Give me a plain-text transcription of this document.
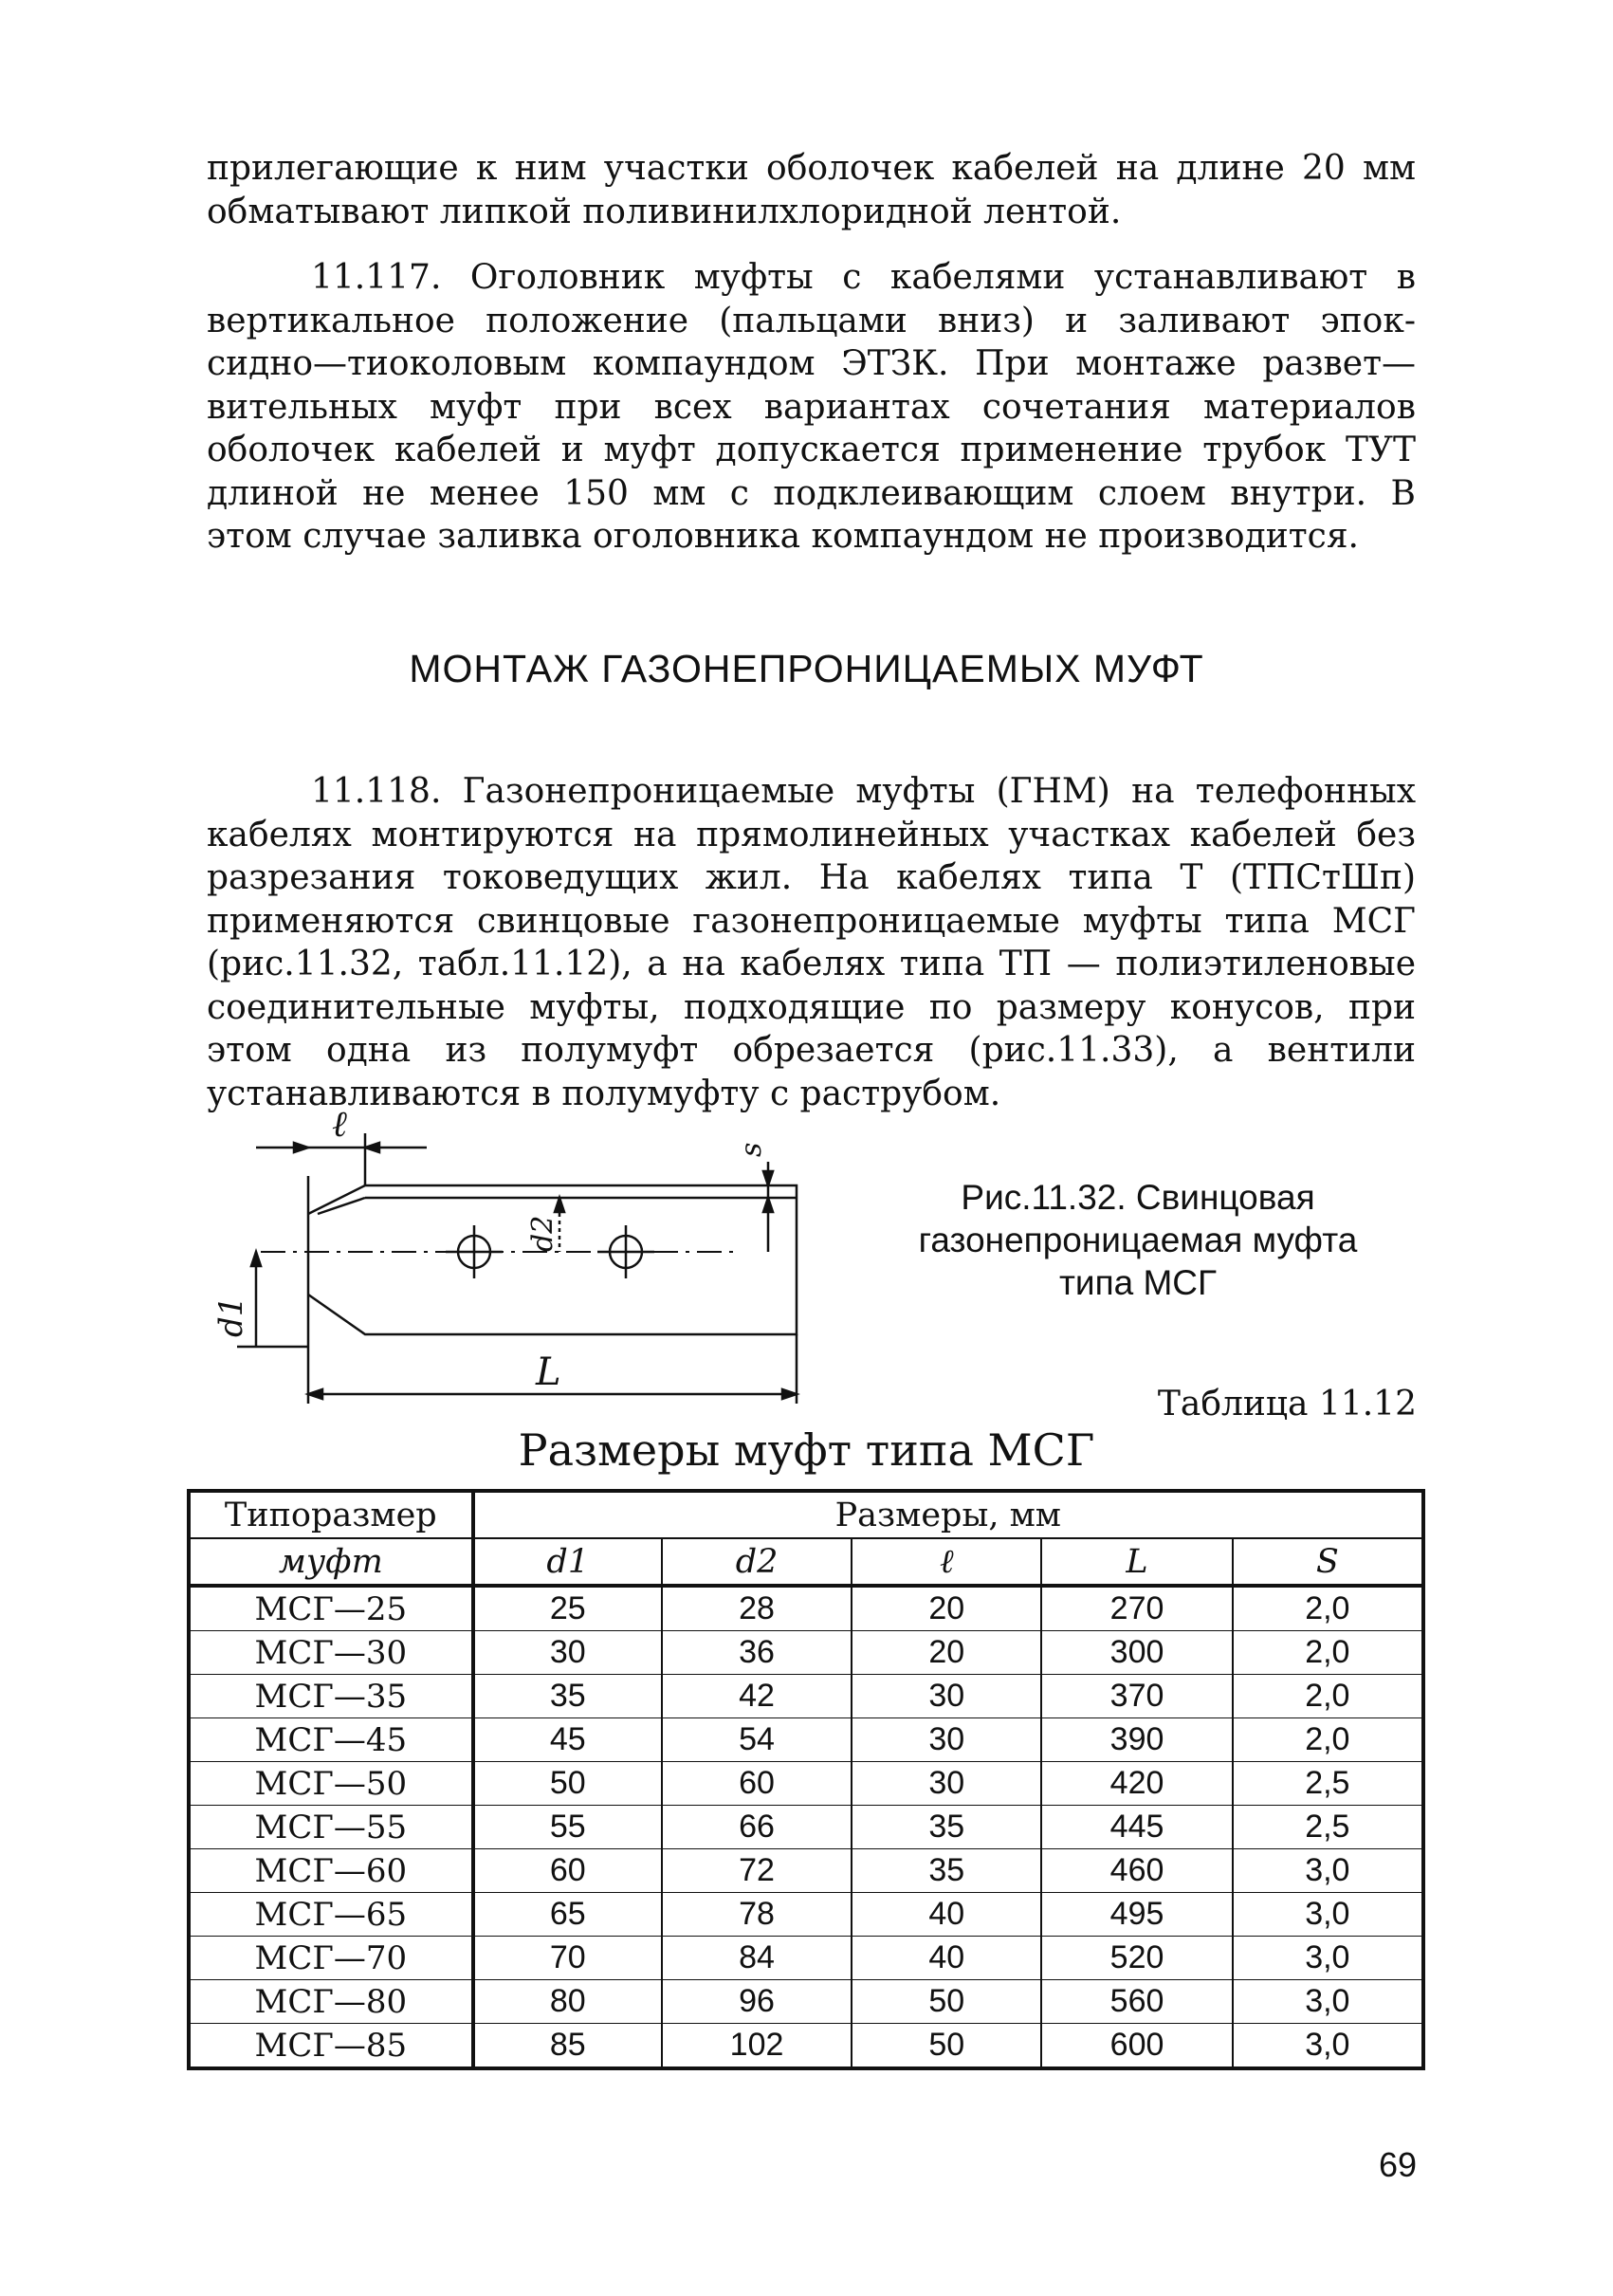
прилегающие к ним участки оболочек кабелей на длине 20 мм
обматывают липкой поливинилхлоридной лентой.
11.117. Оголовник муфты с кабелями устанавливают в
вертикальное положение (пальцами вниз) и заливают эпок-
сидно—тиоколовым компаундом ЭТЗК. При монтаже развет—
вительных муфт при всех вариантах сочетания материалов
оболочек кабелей и муфт допускается применение трубок ТУТ
длиной не менее 150 мм с подклеивающим слоем внутри. В
этом случае заливка оголовника компаундом не производится.
МОНТАЖ ГАЗОНЕПРОНИЦАЕМЫХ МУФТ
11.118. Газонепроницаемые муфты (ГНМ) на телефонных
кабелях монтируются на прямолинейных участках кабелей без
разрезания токоведущих жил. На кабелях типа Т (ТПСтШп)
применяются свинцовые газонепроницаемые муфты типа МСГ
(рис.11.32, табл.11.12), а на кабелях типа ТП — полиэтиленовые
соединительные муфты, подходящие по размеру конусов, при
этом одна из полумуфт обрезается (рис.11.33), а вентили
устанавливаются в полумуфту с раструбом.
ℓ
s
d2
d1
L
Рис.11.32. Свинцовая
газонепроницаемая муфта
типа МСГ
Таблица 11.12
Размеры муфт типа МСГ
Типоразмер	Размеры, мм				
муфт	d1	d2	ℓ	L	S
МСГ—25	25	28	20	270	2,0
МСГ—30	30	36	20	300	2,0
МСГ—35	35	42	30	370	2,0
МСГ—45	45	54	30	390	2,0
МСГ—50	50	60	30	420	2,5
МСГ—55	55	66	35	445	2,5
МСГ—60	60	72	35	460	3,0
МСГ—65	65	78	40	495	3,0
МСГ—70	70	84	40	520	3,0
МСГ—80	80	96	50	560	3,0
МСГ—85	85	102	50	600	3,0
69
